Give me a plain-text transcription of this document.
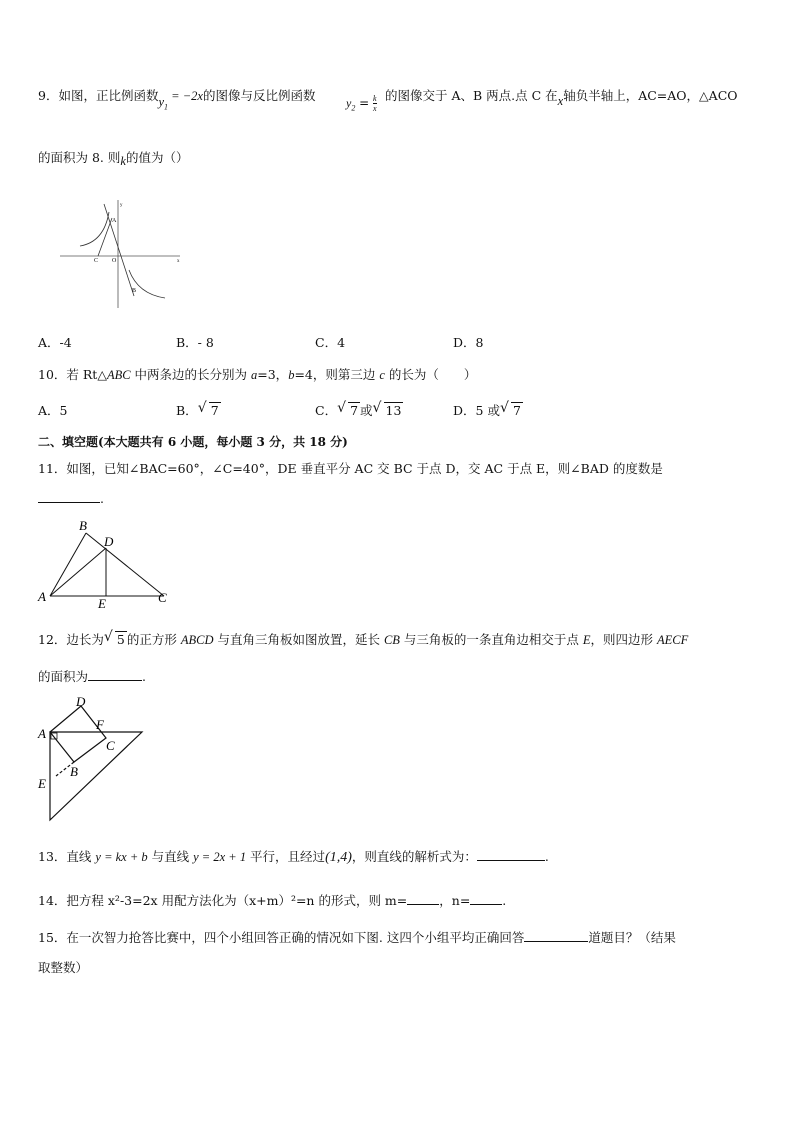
9．如图，正比例函数$y_1 = -2x$的图像与反比例函数	$y_2 = \frac{k}{x}$ 的图像交于 A、B 两点.点 C 在x轴负半轴上，AC=AO，△ACO
的面积为 8. 则k的值为（）
A
B
C O	x
y
A．-4	B．- 8	C．4	D．8
10．若 Rt△ABC 中两条边的长分别为 a=3，b=4，则第三边 c 的长为（　　）
A．5	B． √ 7	C． √ 7 或 √ 13	D．5 或 √ 7
二、填空题(本大题共有 6 小题，每小题 3 分，共 18 分)
11．如图，已知∠BAC=60°，∠C=40°，DE 垂直平分 AC 交 BC 于点 D，交 AC 于点 E，则∠BAD 的度数是
.
A
B
C
D
E
12．边长为 √ 5 的正方形 ABCD 与直角三角板如图放置，延长 CB 与三角板的一条直角边相交于点 E，则四边形 AECF
的面积为	.
A
D
F
C
B
E
13．直线 y = kx + b 与直线 y = 2x + 1 平行，且经过(1,4)，则直线的解析式为：	.
14．把方程 x²-3=2x 用配方法化为（x+m）²=n 的形式，则 m=	，n=	.
15．在一次智力抢答比赛中，四个小组回答正确的情况如下图. 这四个小组平均正确回答	道题目？（结果
取整数）
